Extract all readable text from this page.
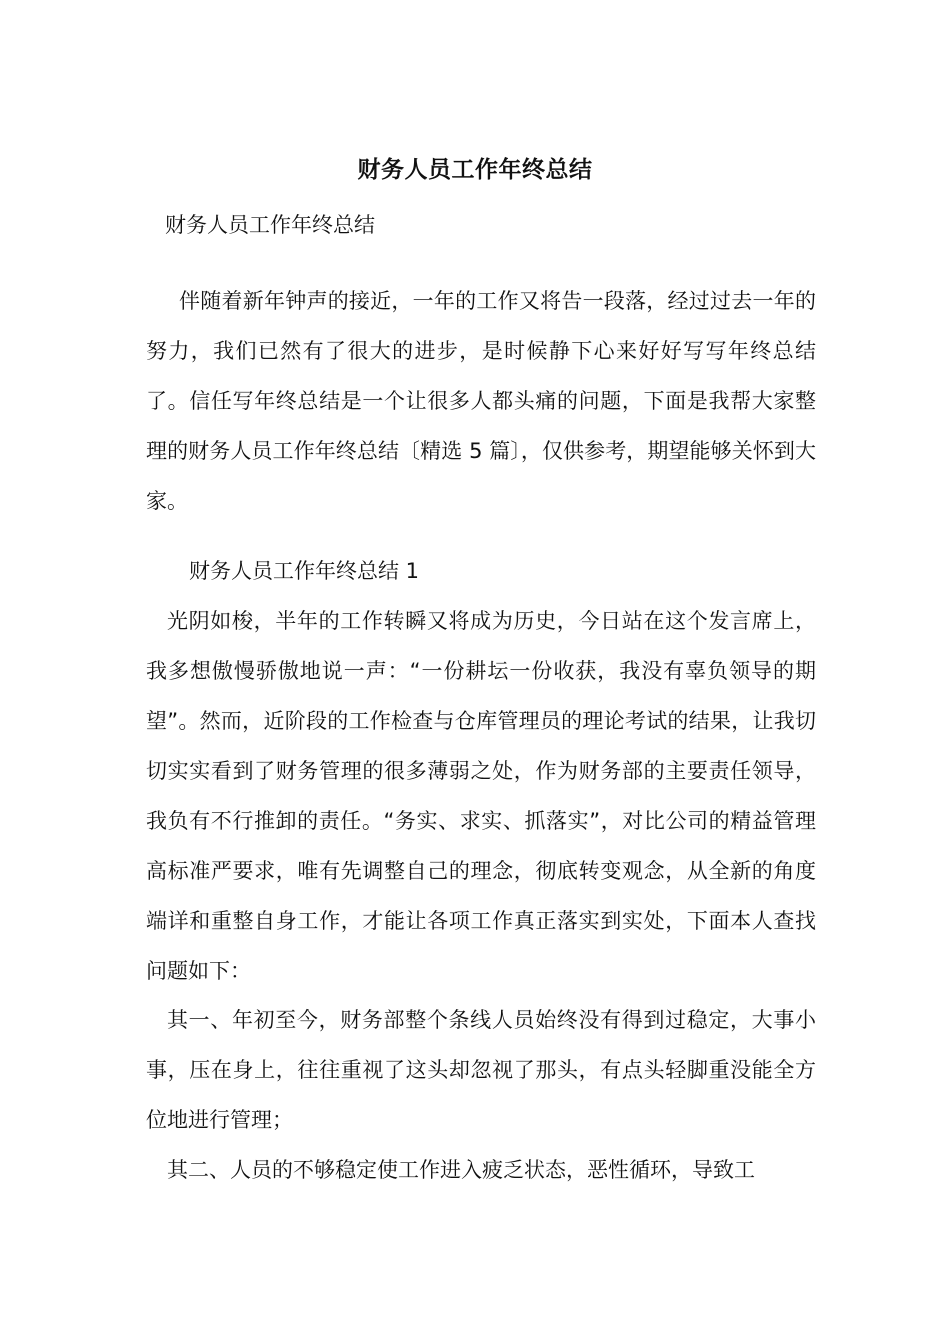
财务人员工作年终总结
财务人员工作年终总结

伴随着新年钟声的接近，一年的工作又将告一段落，经过过去一年的努力，我们已然有了很大的进步，是时候静下心来好好写写年终总结了。信任写年终总结是一个让很多人都头痛的问题，下面是我帮大家整理的财务人员工作年终总结〔精选 5 篇〕，仅供参考，期望能够关怀到大家。

财务人员工作年终总结 1

光阴如梭，半年的工作转瞬又将成为历史，今日站在这个发言席上，我多想傲慢骄傲地说一声：“一份耕坛一份收获，我没有辜负领导的期望”。然而，近阶段的工作检查与仓库管理员的理论考试的结果，让我切切实实看到了财务管理的很多薄弱之处，作为财务部的主要责任领导，我负有不行推卸的责任。“务实、求实、抓落实”，对比公司的精益管理高标准严要求，唯有先调整自己的理念，彻底转变观念，从全新的角度端详和重整自身工作，才能让各项工作真正落实到实处，下面本人查找问题如下：

其一、年初至今，财务部整个条线人员始终没有得到过稳定，大事小事，压在身上，往往重视了这头却忽视了那头，有点头轻脚重没能全方位地进行管理；

其二、人员的不够稳定使工作进入疲乏状态，恶性循环，导致工
